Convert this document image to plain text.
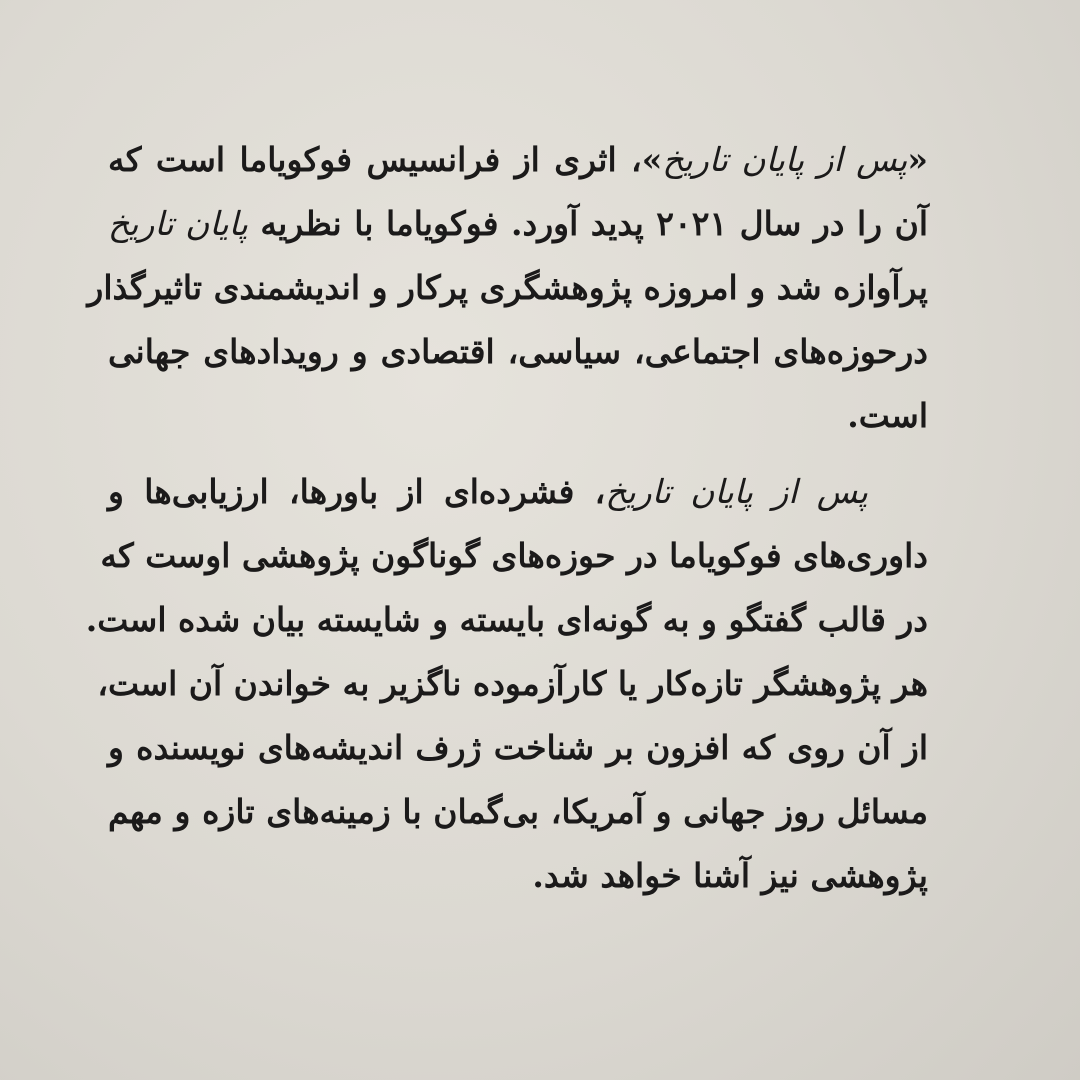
«پس از پایان تاریخ»، اثری از فرانسیس فوکویاما است که
آن را در سال ۲۰۲۱ پدید آورد. فوکویاما با نظریه پایان تاریخ
پرآوازه شد و امروزه پژوهشگری پرکار و اندیشمندی تاثیرگذار
درحوزه‌های اجتماعی، سیاسی، اقتصادی و رویدادهای جهانی
است.
پس از پایان تاریخ، فشرده‌ای از باورها، ارزیابی‌ها و
داوری‌های فوکویاما در حوزه‌های گوناگون پژوهشی اوست که
در قالب گفتگو و به گونه‌ای بایسته و شایسته بیان شده است.
هر پژوهشگر تازه‌کار یا کارآزموده ناگزیر به خواندن آن است،
از آن روی که افزون بر شناخت ژرف اندیشه‌های نویسنده و
مسائل روز جهانی و آمریکا، بی‌گمان با زمینه‌های تازه و مهم
پژوهشی نیز آشنا خواهد شد.
